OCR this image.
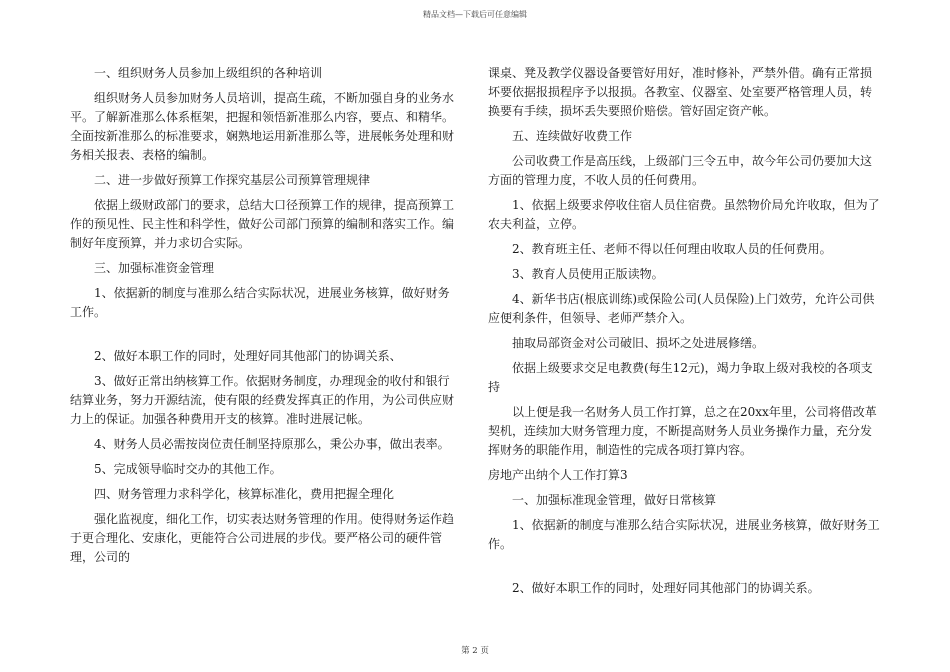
精品文档—下载后可任意编辑

一、组织财务人员参加上级组织的各种培训

组织财务人员参加财务人员培训，提高生疏，不断加强自身的业务水平。了解新准那么体系框架，把握和领悟新准那么内容，要点、和精华。全面按新准那么的标准要求，娴熟地运用新准那么等，进展帐务处理和财务相关报表、表格的编制。

二、进一步做好预算工作探究基层公司预算管理规律

依据上级财政部门的要求，总结大口径预算工作的规律，提高预算工作的预见性、民主性和科学性，做好公司部门预算的编制和落实工作。编制好年度预算，并力求切合实际。

三、加强标准资金管理

1、依据新的制度与准那么结合实际状况，进展业务核算，做好财务工作。

2、做好本职工作的同时，处理好同其他部门的协调关系、

3、做好正常出纳核算工作。依据财务制度，办理现金的收付和银行结算业务，努力开源结流，使有限的经费发挥真正的作用，为公司供应财力上的保证。加强各种费用开支的核算。准时进展记帐。

4、财务人员必需按岗位责任制坚持原那么，秉公办事，做出表率。

5、完成领导临时交办的其他工作。

四、财务管理力求科学化，核算标准化，费用把握全理化

强化监视度，细化工作，切实表达财务管理的作用。使得财务运作趋于更合理化、安康化，更能符合公司进展的步伐。要严格公司的硬件管理，公司的

课桌、凳及教学仪器设备要管好用好，准时修补，严禁外借。确有正常损坏要依据报损程序予以报损。各教室、仪器室、处室要严格管理人员，转换要有手续，损坏丢失要照价赔偿。管好固定资产帐。

五、连续做好收费工作

公司收费工作是高压线，上级部门三令五申，故今年公司仍要加大这方面的管理力度，不收人员的任何费用。

1、依据上级要求停收住宿人员住宿费。虽然物价局允许收取，但为了农夫利益，立停。

2、教育班主任、老师不得以任何理由收取人员的任何费用。

3、教育人员使用正版读物。

4、新华书店(根底训练)或保险公司(人员保险)上门效劳，允许公司供应便利条件，但领导、老师严禁介入。

抽取局部资金对公司破旧、损坏之处进展修缮。

依据上级要求交足电教费(每生12元)，竭力争取上级对我校的各项支持

以上便是我一名财务人员工作打算，总之在20xx年里，公司将借改革契机，连续加大财务管理力度，不断提高财务人员业务操作力量，充分发挥财务的职能作用，制造性的完成各项打算内容。

房地产出纳个人工作打算3

一、加强标准现金管理，做好日常核算

1、依据新的制度与准那么结合实际状况，进展业务核算，做好财务工作。

2、做好本职工作的同时，处理好同其他部门的协调关系。

第 2 页
